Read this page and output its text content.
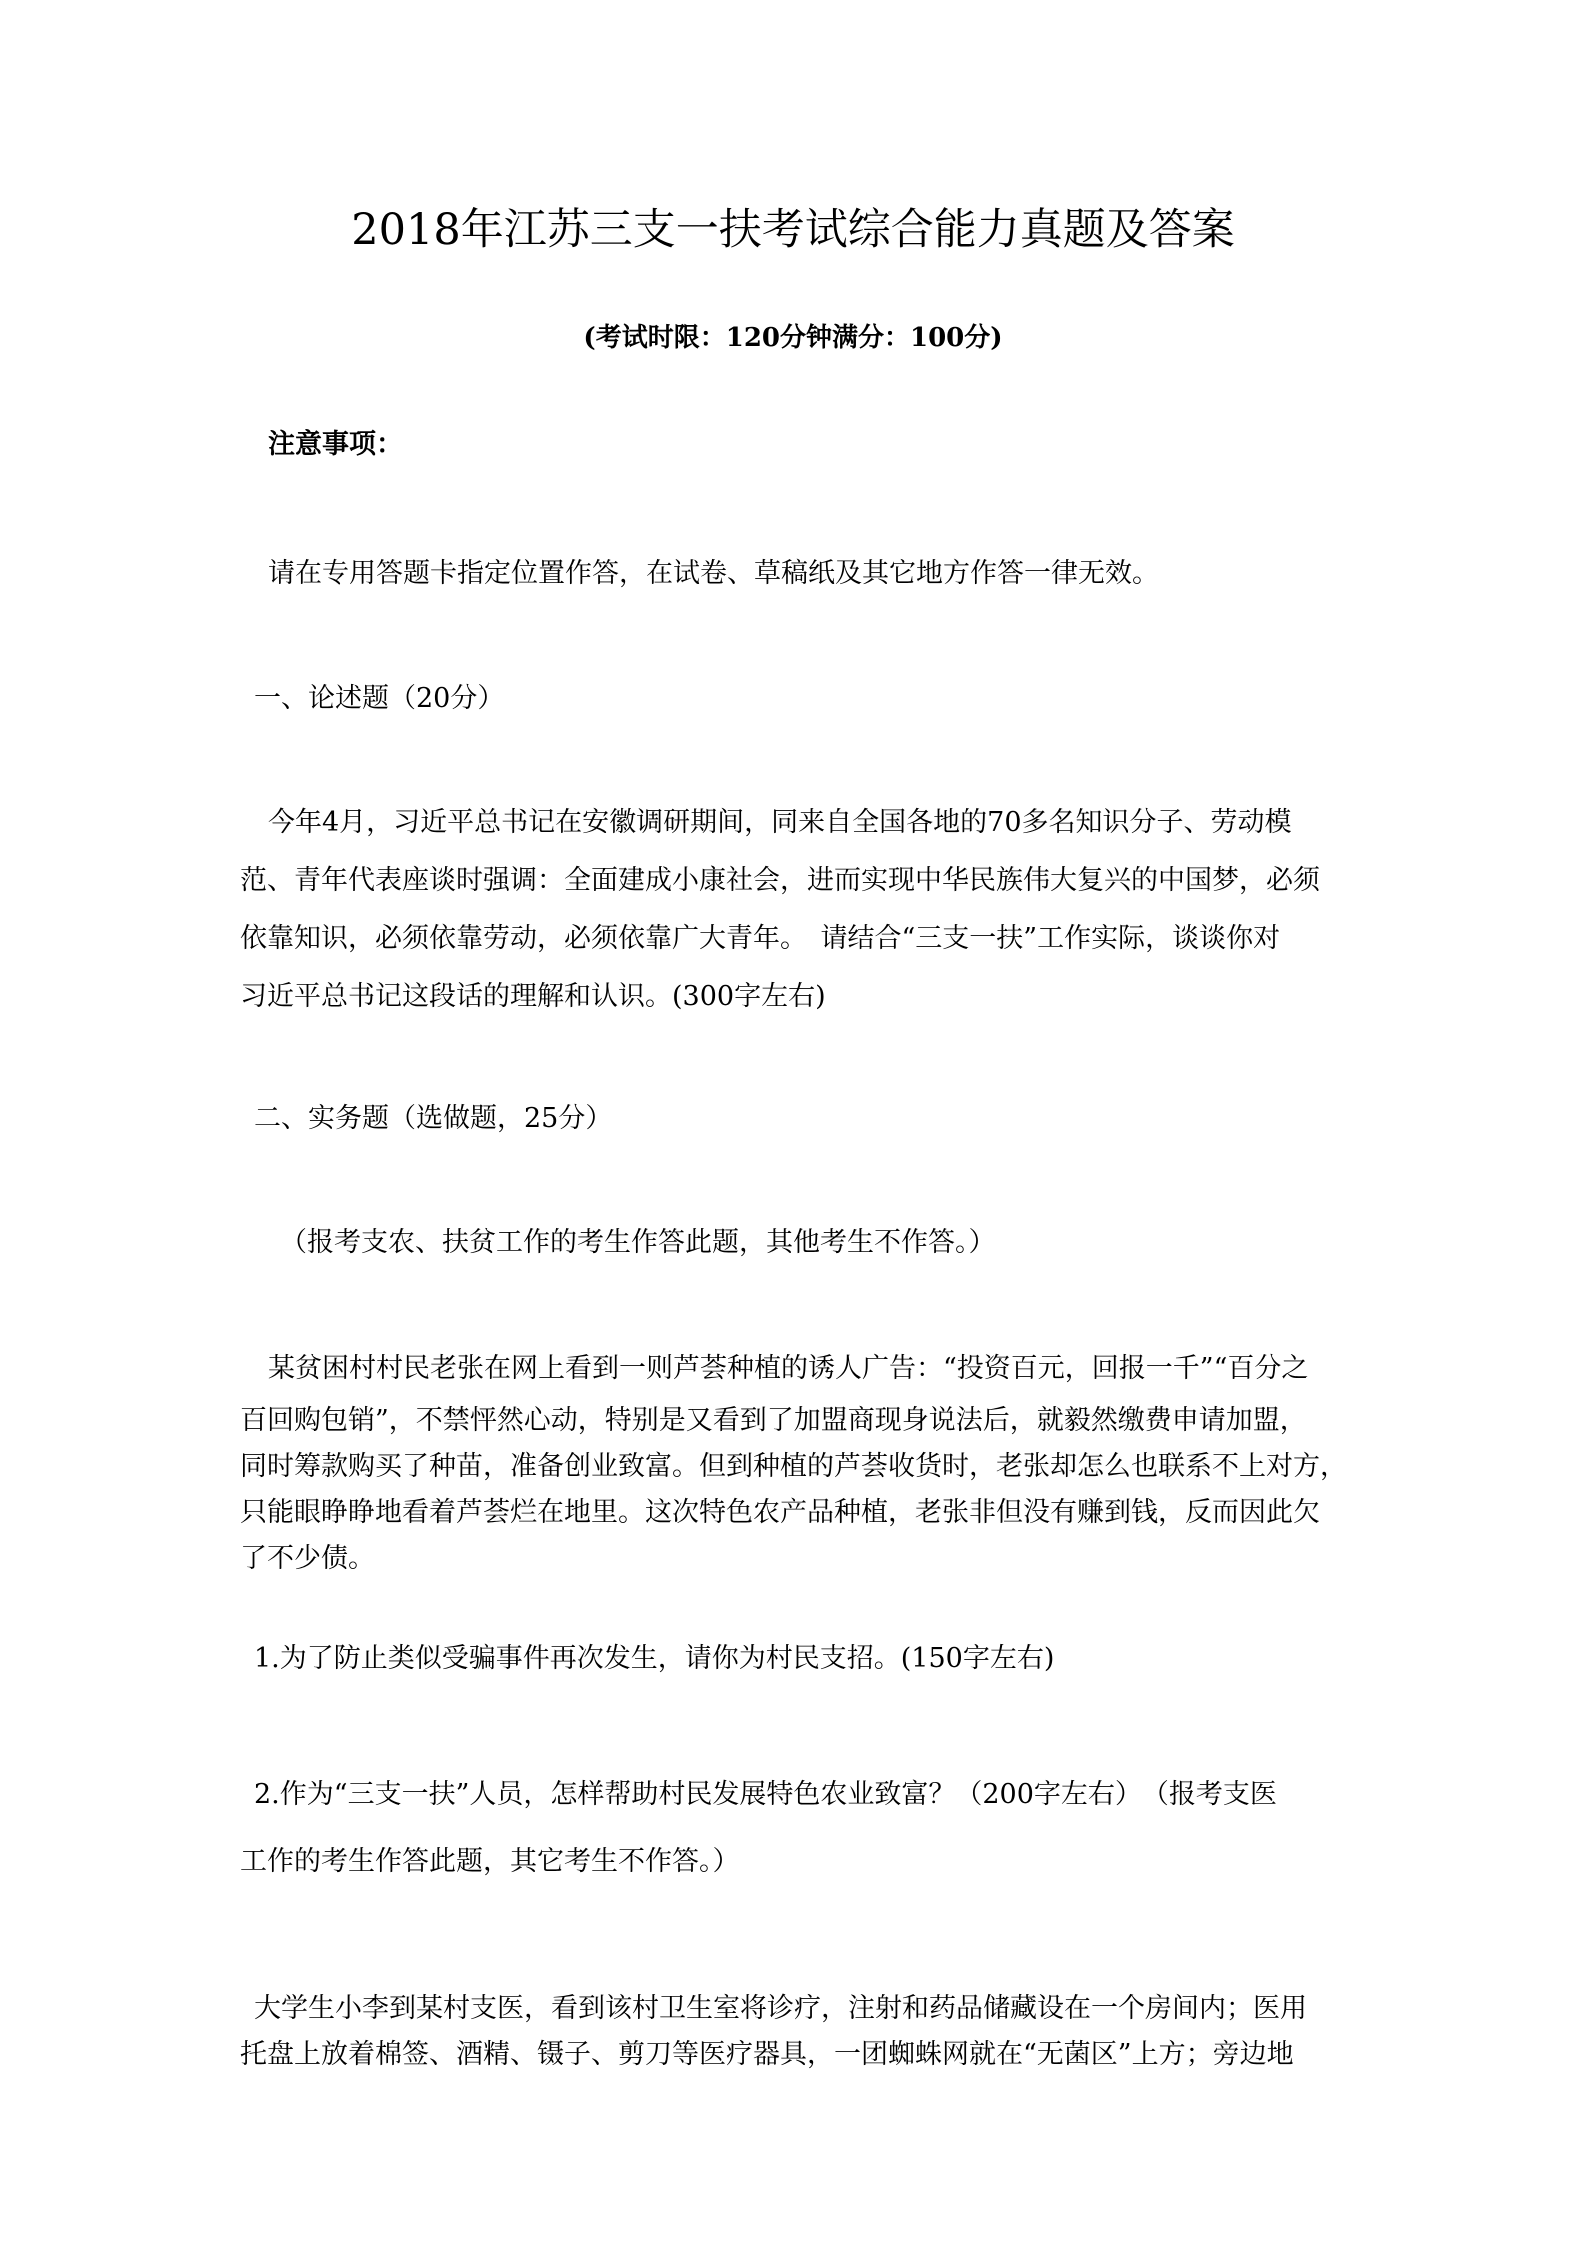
2018年江苏三支一扶考试综合能力真题及答案

(考试时限：120分钟满分：100分)

注意事项：

请在专用答题卡指定位置作答，在试卷、草稿纸及其它地方作答一律无效。

一、论述题（20分）

今年4月，习近平总书记在安徽调研期间，同来自全国各地的70多名知识分子、劳动模
范、青年代表座谈时强调：全面建成小康社会，进而实现中华民族伟大复兴的中国梦，必须
依靠知识，必须依靠劳动，必须依靠广大青年。　请结合“三支一扶”工作实际，谈谈你对
习近平总书记这段话的理解和认识。(300字左右)

二、实务题（选做题，25分）

（报考支农、扶贫工作的考生作答此题，其他考生不作答。）

某贫困村村民老张在网上看到一则芦荟种植的诱人广告：“投资百元，回报一千”“百分之
百回购包销”，不禁怦然心动，特别是又看到了加盟商现身说法后，就毅然缴费申请加盟，
同时筹款购买了种苗，准备创业致富。但到种植的芦荟收货时，老张却怎么也联系不上对方，
只能眼睁睁地看着芦荟烂在地里。这次特色农产品种植，老张非但没有赚到钱，反而因此欠
了不少债。

1.为了防止类似受骗事件再次发生，请你为村民支招。(150字左右)

2.作为“三支一扶”人员，怎样帮助村民发展特色农业致富？（200字左右）　（报考支医
工作的考生作答此题，其它考生不作答。）
大学生小李到某村支医，看到该村卫生室将诊疗，注射和药品储藏设在一个房间内；医用
托盘上放着棉签、酒精、镊子、剪刀等医疗器具，一团蜘蛛网就在“无菌区”上方；旁边地
